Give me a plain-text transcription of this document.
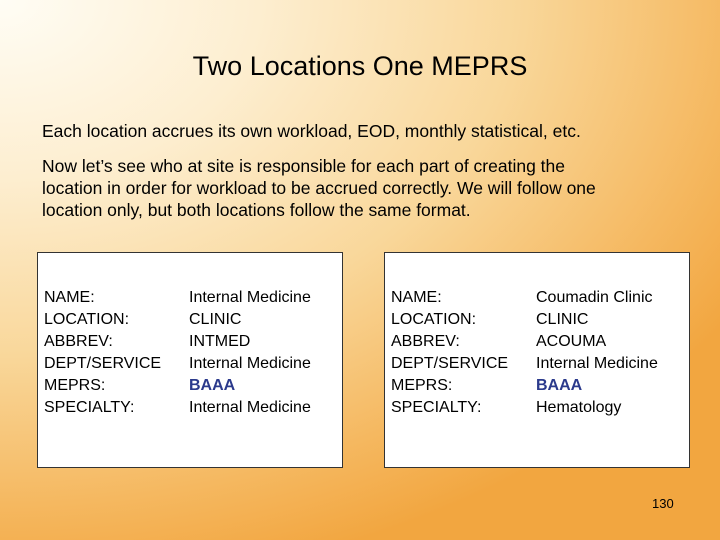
Two Locations One MEPRS
Each location accrues its own workload, EOD, monthly statistical, etc.
Now let’s see who at site is responsible for each part of creating the
location in order for workload to be accrued correctly. We will follow one
location only, but both locations follow the same format.
NAME:	Internal Medicine
LOCATION:	CLINIC
ABBREV:	INTMED
DEPT/SERVICE Internal Medicine
MEPRS:	BAAA
SPECIALTY:	Internal Medicine
NAME:	Coumadin Clinic
LOCATION:	CLINIC
ABBREV:	ACOUMA
DEPT/SERVICE Internal Medicine
MEPRS:	BAAA
SPECIALTY:	Hematology
130
